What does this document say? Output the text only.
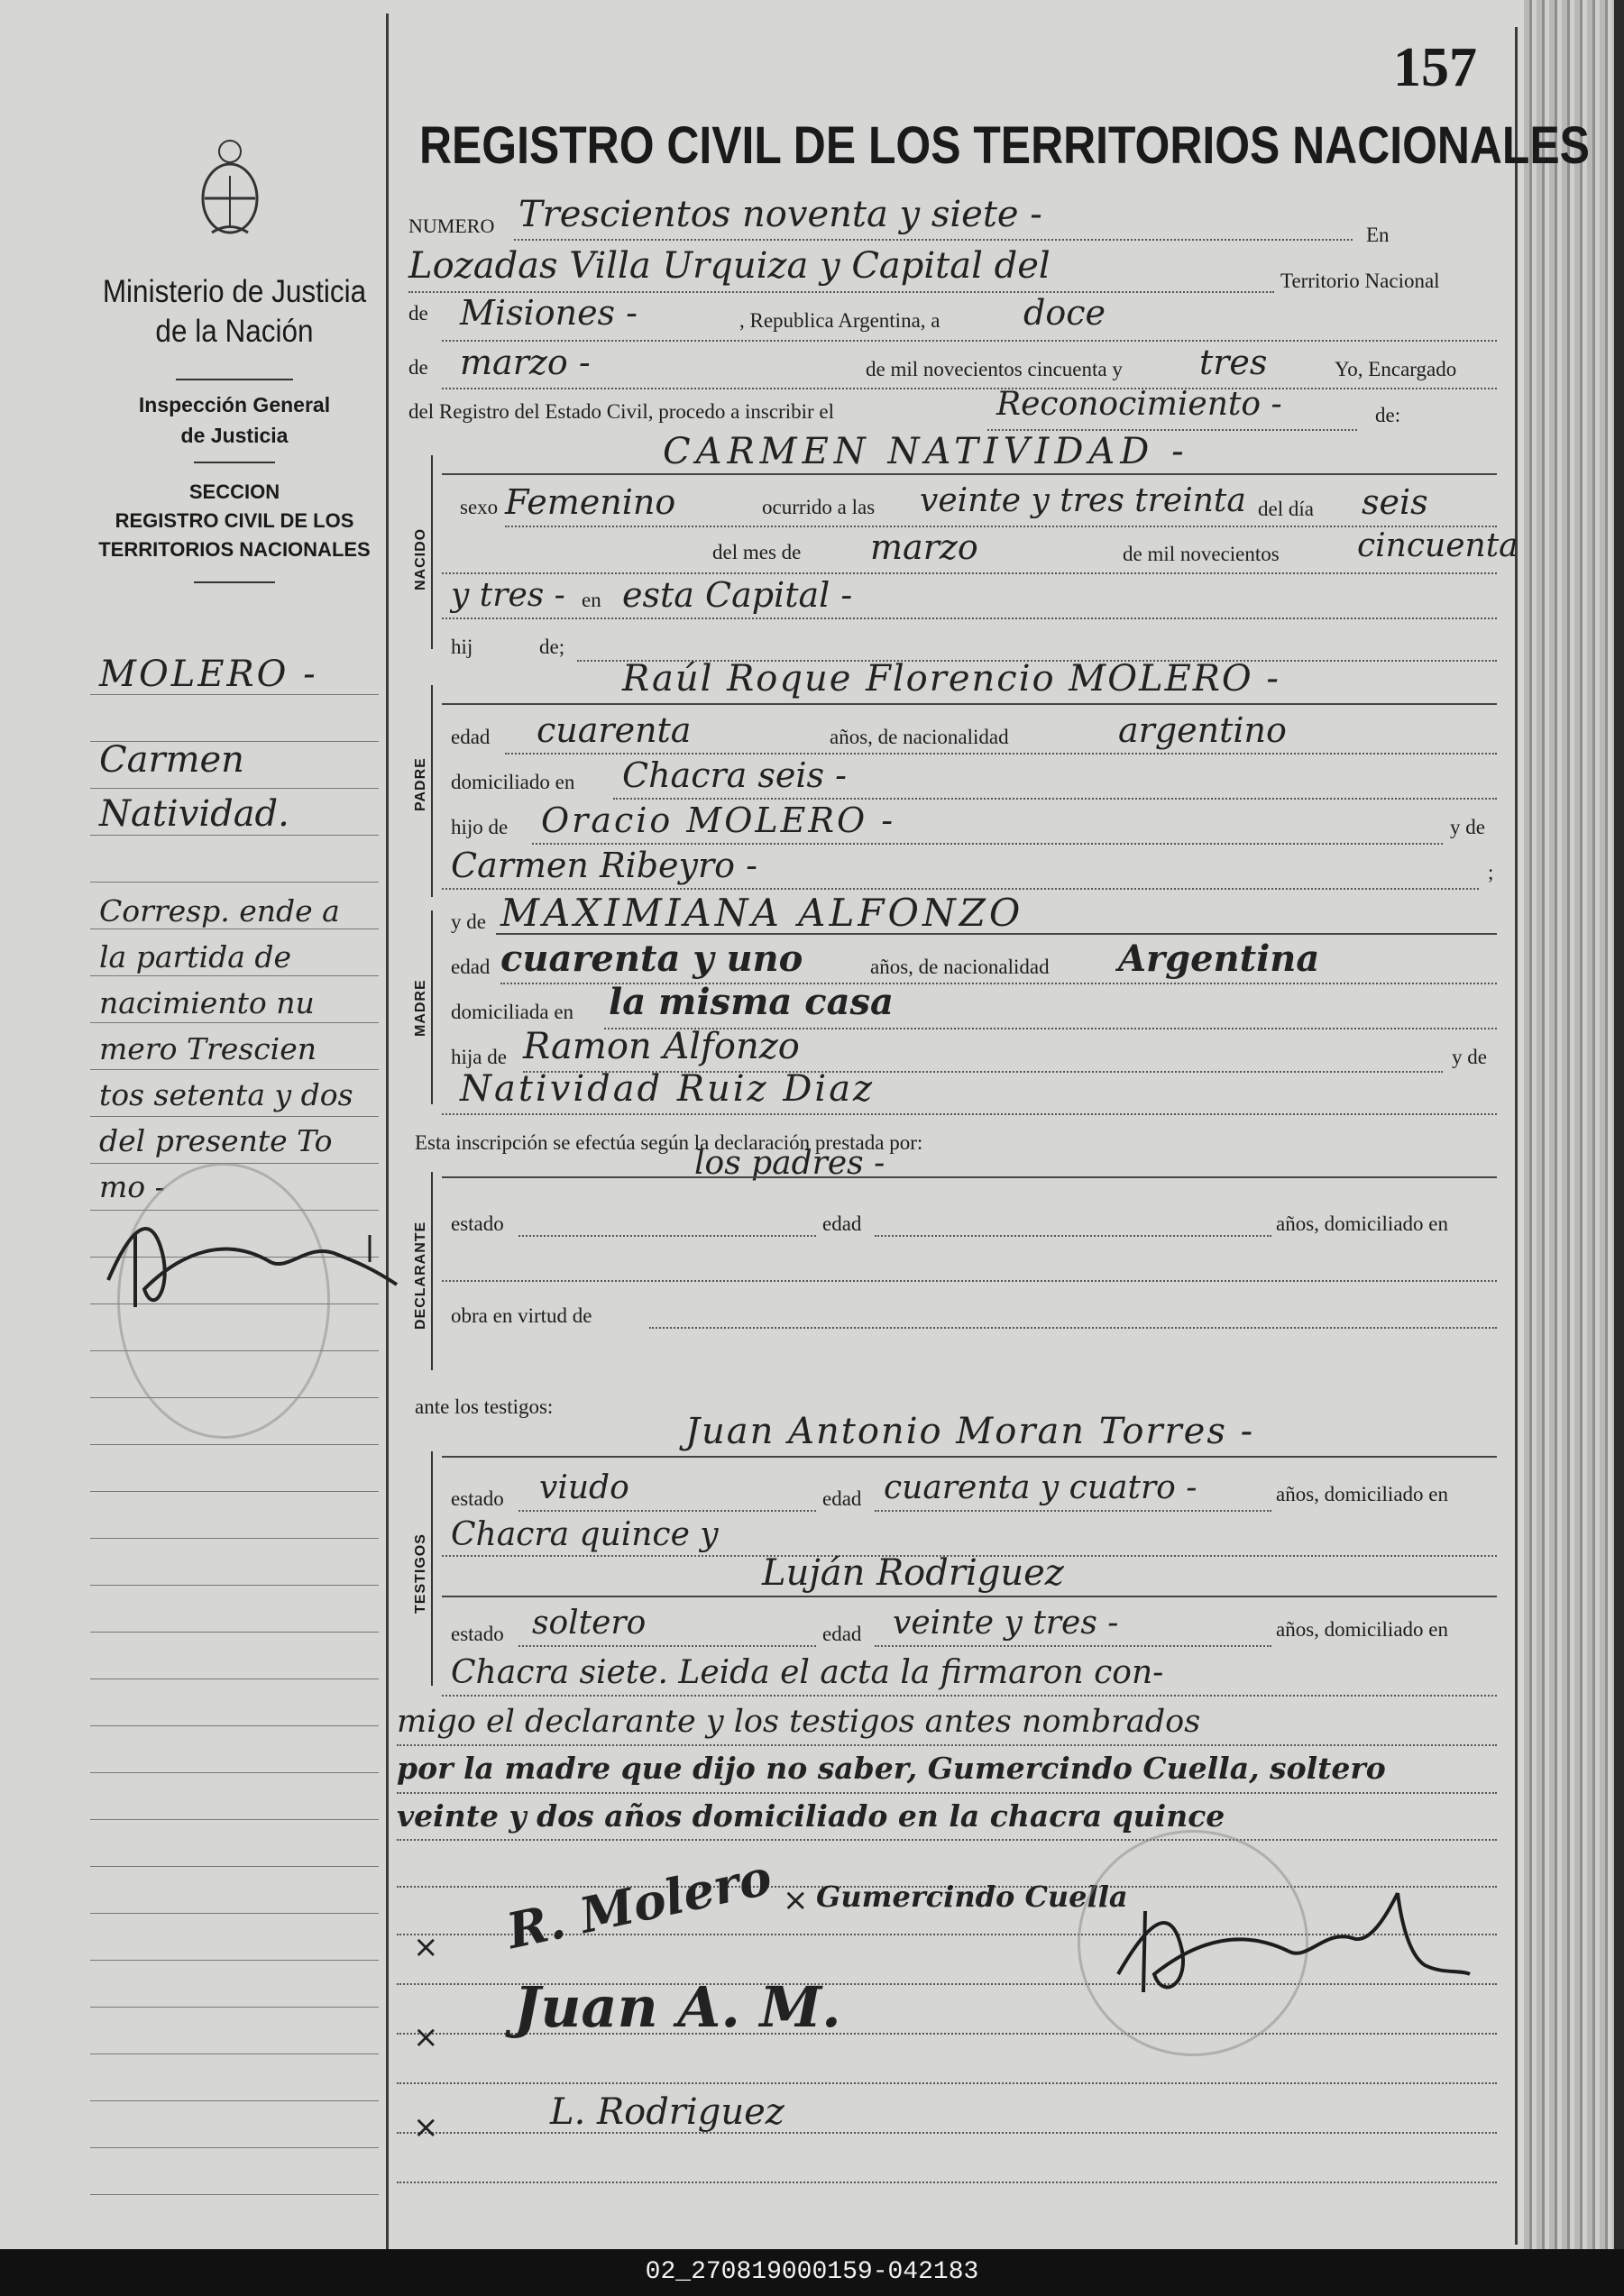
157
REGISTRO CIVIL DE LOS TERRITORIOS NACIONALES
Ministerio de Justicia
de la Nación
Inspección General
de Justicia
SECCION
REGISTRO CIVIL DE LOS
TERRITORIOS NACIONALES
MOLERO -
Carmen
Natividad.
Corresp. ende a
la partida de
nacimiento nu
mero Trescien
tos setenta y dos
del presente To
mo -
NUMERO Trescientos noventa y siete -	En
Lozadas Villa Urquiza y Capital del	Territorio Nacional
de Misiones -	, Republica Argentina, a doce
de marzo -	de mil novecientos cincuenta y tres	Yo, Encargado
del Registro del Estado Civil, procedo a inscribir el	Reconocimiento -	de:
NACIDO
CARMEN NATIVIDAD -
sexo Femenino	ocurrido a las veinte y tres treinta del día seis
del mes de marzo	de mil novecientos cincuenta
y tres - en esta Capital -
hij	de;
PADRE
Raúl Roque Florencio MOLERO -
edad cuarenta	años, de nacionalidad	argentino
domiciliado en Chacra seis -
hijo de Oracio MOLERO -	y de
Carmen Ribeyro -	;
MADRE
y de MAXIMIANA ALFONZO
edad cuarenta y uno	años, de nacionalidad Argentina
domiciliada en la misma casa
hija de Ramon Alfonzo	y de
Natividad Ruiz Diaz
Esta inscripción se efectúa según la declaración prestada por:
los padres -
DECLARANTE estado	edad	años, domiciliado en
obra en virtud de
ante los testigos:
Juan Antonio Moran Torres -
TESTIGOS
estado viudo	edad cuarenta y cuatro -	años, domiciliado en
Chacra quince y
Luján Rodriguez
estado soltero	edad veinte y tres -	años, domiciliado en
Chacra siete. Leida el acta la firmaron con-
migo el declarante y los testigos antes nombrados
por la madre que dijo no saber, Gumercindo Cuella, soltero
veinte y dos años domiciliado en la chacra quince
×
×
×
×
R. Molero Gumercindo Cuella
Juan A. M.
L. Rodriguez
02_270819000159-042183
